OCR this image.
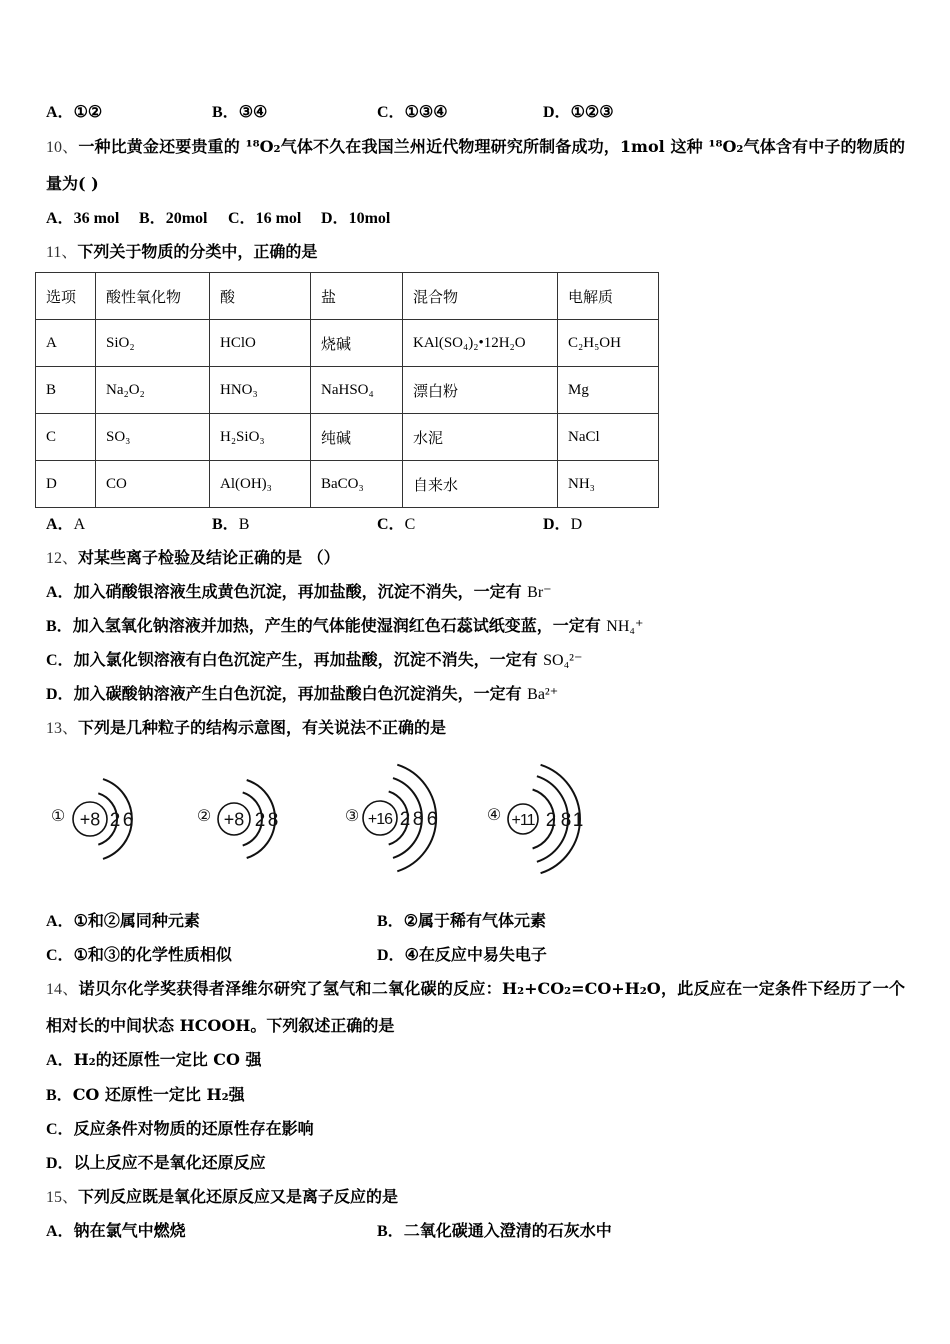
A．①②	B．③④	C．①③④	D．①②③
10、一种比黄金还要贵重的 ¹⁸O₂气体不久在我国兰州近代物理研究所制备成功，1mol 这种 ¹⁸O₂气体含有中子的物质的
量为( )
A．36 mol B．20mol C．16 mol D．10mol
11、下列关于物质的分类中，正确的是
选项	酸性氧化物	酸	盐	混合物	电解质
A	SiO₂	HClO	烧碱	KAl(SO₄)₂•12H₂O	C₂H₅OH
B	Na₂O₂	HNO₃	NaHSO₄	漂白粉	Mg
C	SO₃	H₂SiO₃	纯碱	水泥	NaCl
D	CO	Al(OH)₃	BaCO₃	自来水	NH₃
A．A	B．B	C．C	D．D
12、对某些离子检验及结论正确的是 （）
A．加入硝酸银溶液生成黄色沉淀，再加盐酸，沉淀不消失，一定有 Br⁻
B．加入氢氧化钠溶液并加热，产生的气体能使湿润红色石蕊试纸变蓝，一定有 NH₄⁺
C．加入氯化钡溶液有白色沉淀产生，再加盐酸，沉淀不消失，一定有 SO₄²⁻
D．加入碳酸钠溶液产生白色沉淀，再加盐酸白色沉淀消失，一定有 Ba²⁺
13、下列是几种粒子的结构示意图，有关说法不正确的是
① +8 2 6	② +8 2 8	③ +16 2 8 6	④ +11 2 8 1
A．①和②属同种元素	B．②属于稀有气体元素
C．①和③的化学性质相似	D．④在反应中易失电子
14、诺贝尔化学奖获得者泽维尔研究了氢气和二氧化碳的反应：H₂+CO₂=CO+H₂O，此反应在一定条件下经历了一个
相对长的中间状态 HCOOH。下列叙述正确的是
A．H₂的还原性一定比 CO 强
B．CO 还原性一定比 H₂强
C．反应条件对物质的还原性存在影响
D．以上反应不是氧化还原反应
15、下列反应既是氧化还原反应又是离子反应的是
A．钠在氯气中燃烧	B．二氧化碳通入澄清的石灰水中
